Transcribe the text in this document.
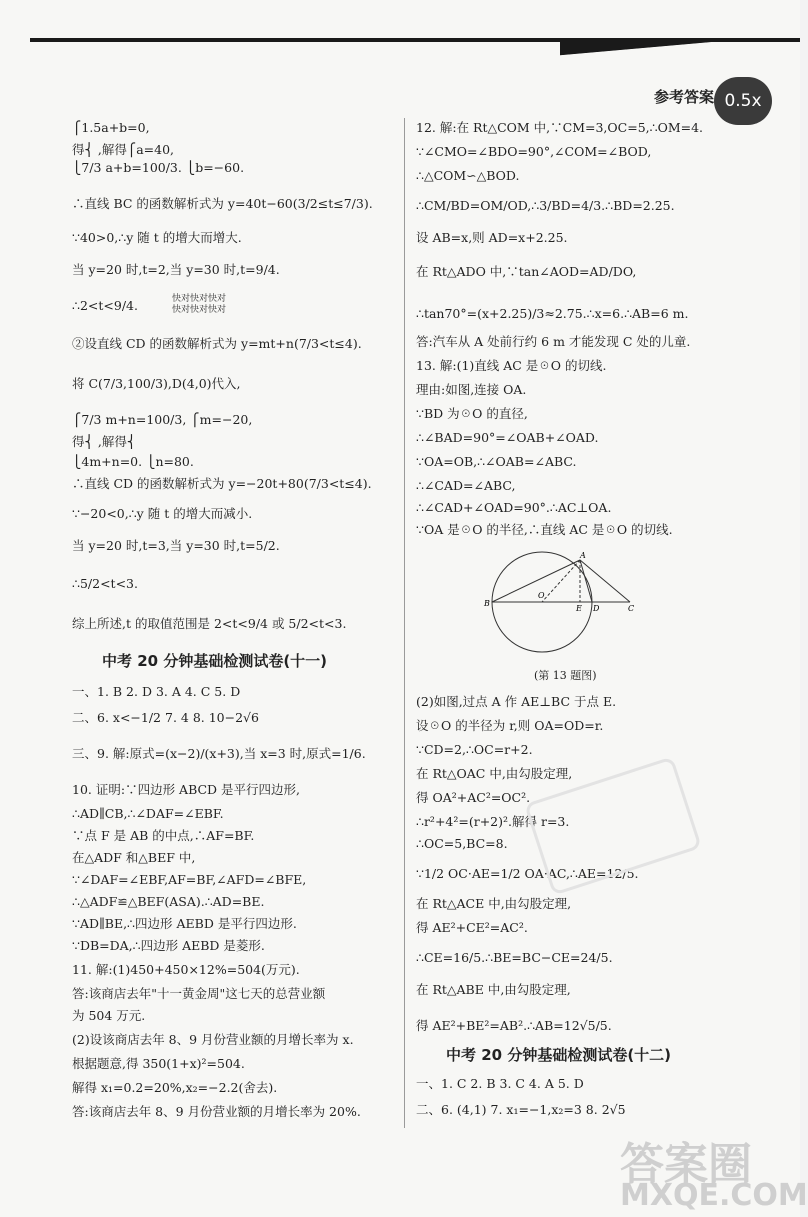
参考答案 0.5x
⎧1.5a+b=0,
得⎨ ,解得⎧a=40,
⎩7/3 a+b=100/3. ⎩b=−60.
∴直线 BC 的函数解析式为 y=40t−60(3/2≤t≤7/3).
∵40>0,∴y 随 t 的增大而增大.
当 y=20 时,t=2,当 y=30 时,t=9/4.
∴2<t<9/4.
②设直线 CD 的函数解析式为 y=mt+n(7/3<t≤4).
将 C(7/3,100/3),D(4,0)代入,
⎧7/3 m+n=100/3, ⎧m=−20,
得⎨ ,解得⎨
⎩4m+n=0. ⎩n=80.
∴直线 CD 的函数解析式为 y=−20t+80(7/3<t≤4).
∵−20<0,∴y 随 t 的增大而减小.
当 y=20 时,t=3,当 y=30 时,t=5/2.
∴5/2<t<3.
综上所述,t 的取值范围是 2<t<9/4 或 5/2<t<3.
中考 20 分钟基础检测试卷(十一)
一、1. B 2. D 3. A 4. C 5. D
二、6. x<−1/2 7. 4 8. 10−2√6
三、9. 解:原式=(x−2)/(x+3),当 x=3 时,原式=1/6.
10. 证明:∵四边形 ABCD 是平行四边形,
∴AD∥CB,∴∠DAF=∠EBF.
∵点 F 是 AB 的中点,∴AF=BF.
在△ADF 和△BEF 中,
∵∠DAF=∠EBF,AF=BF,∠AFD=∠BFE,
∴△ADF≌△BEF(ASA).∴AD=BE.
∵AD∥BE,∴四边形 AEBD 是平行四边形.
∵DB=DA,∴四边形 AEBD 是菱形.
11. 解:(1)450+450×12%=504(万元).
答:该商店去年"十一黄金周"这七天的总营业额
为 504 万元.
(2)设该商店去年 8、9 月份营业额的月增长率为 x.
根据题意,得 350(1+x)²=504.
解得 x₁=0.2=20%,x₂=−2.2(舍去).
答:该商店去年 8、9 月份营业额的月增长率为 20%.
12. 解:在 Rt△COM 中,∵CM=3,OC=5,∴OM=4.
∵∠CMO=∠BDO=90°,∠COM=∠BOD,
∴△COM∽△BOD.
∴CM/BD=OM/OD,∴3/BD=4/3.∴BD=2.25.
设 AB=x,则 AD=x+2.25.
在 Rt△ADO 中,∵tan∠AOD=AD/DO,
∴tan70°=(x+2.25)/3≈2.75.∴x=6.∴AB=6 m.
答:汽车从 A 处前行约 6 m 才能发现 C 处的儿童.
13. 解:(1)直线 AC 是☉O 的切线.
理由:如图,连接 OA.
∵BD 为☉O 的直径,
∴∠BAD=90°=∠OAB+∠OAD.
∵OA=OB,∴∠OAB=∠ABC.
∴∠CAD=∠ABC,
∴∠CAD+∠OAD=90°.∴AC⊥OA.
∵OA 是☉O 的半径,∴直线 AC 是☉O 的切线.
(2)如图,过点 A 作 AE⊥BC 于点 E.
设☉O 的半径为 r,则 OA=OD=r.
∵CD=2,∴OC=r+2.
在 Rt△OAC 中,由勾股定理,
得 OA²+AC²=OC².
∴r²+4²=(r+2)².解得 r=3.
∴OC=5,BC=8.
∵1/2 OC·AE=1/2 OA·AC,∴AE=12/5.
在 Rt△ACE 中,由勾股定理,
得 AE²+CE²=AC².
∴CE=16/5.∴BE=BC−CE=24/5.
在 Rt△ABE 中,由勾股定理,
得 AE²+BE²=AB².∴AB=12√5/5.
中考 20 分钟基础检测试卷(十二)
一、1. C 2. B 3. C 4. A 5. D
二、6. (4,1) 7. x₁=−1,x₂=3 8. 2√5
A
B
O
E D	C
(第 13 题图)
快对快对快对
快对快对快对
答案圈
MXQE.COM
